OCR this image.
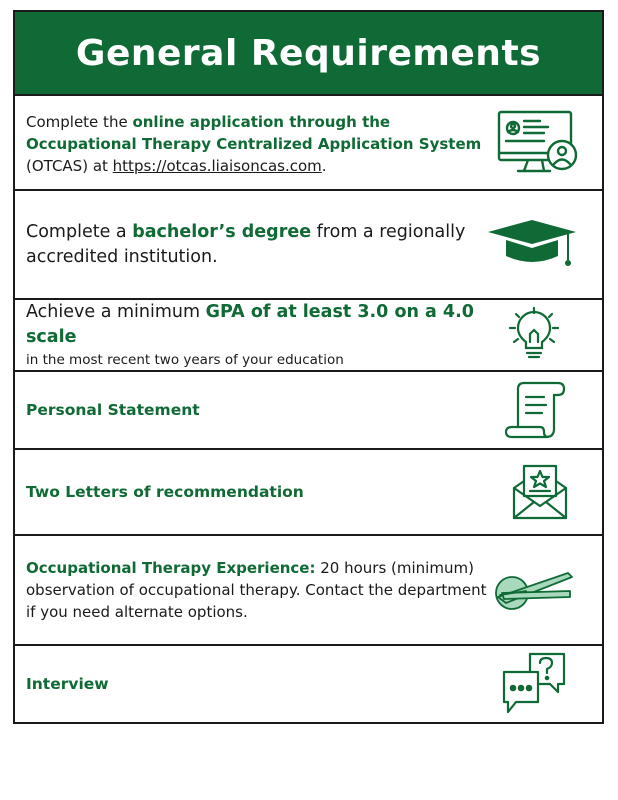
General Requirements
Complete the online application through the Occupational Therapy Centralized Application System (OTCAS) at https://otcas.liaisoncas.com.
Complete a bachelor’s degree from a regionally accredited institution.
Achieve a minimum GPA of at least 3.0 on a 4.0 scale
in the most recent two years of your education
Personal Statement
Two Letters of recommendation
Occupational Therapy Experience: 20 hours (minimum) observation of occupational therapy. Contact the department if you need alternate options.
Interview
